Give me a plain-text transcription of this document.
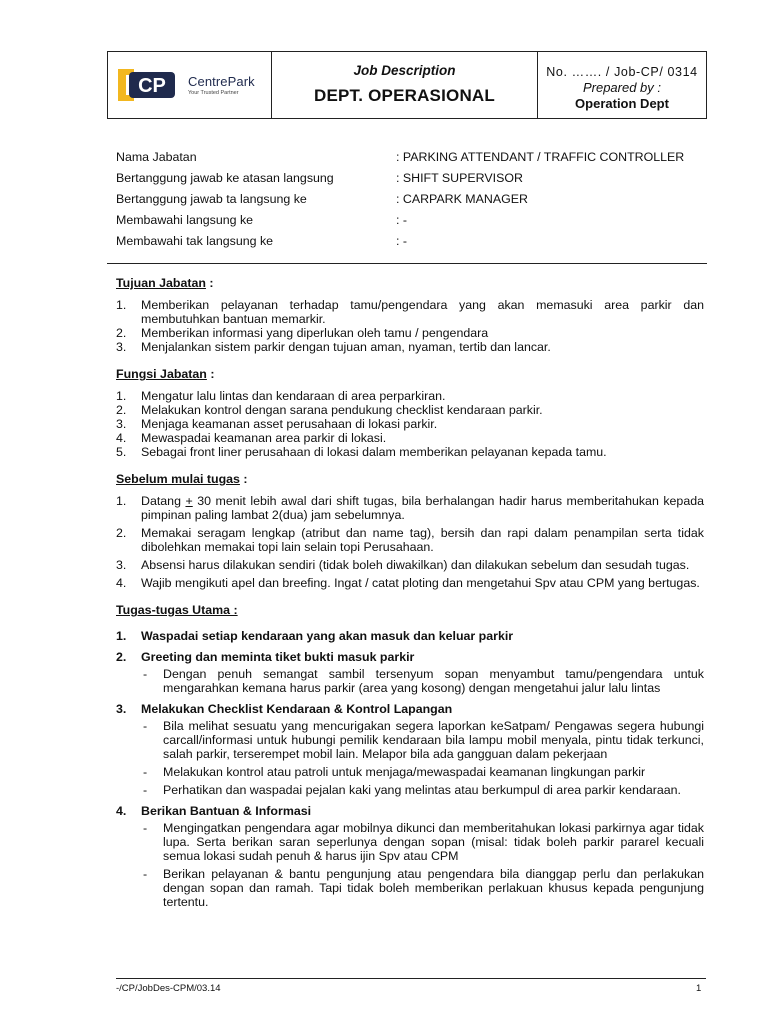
CP CentrePark
Your Trusted Partner
Job Description
DEPT. OPERASIONAL
No. ……. / Job-CP/ 0314
Prepared by :
Operation Dept
Nama Jabatan	: PARKING ATTENDANT / TRAFFIC CONTROLLER
Bertanggung jawab ke atasan langsung	: SHIFT SUPERVISOR
Bertanggung jawab ta langsung ke	: CARPARK MANAGER
Membawahi langsung ke	: -
Membawahi tak langsung ke	: -

Tujuan Jabatan :

1. Memberikan pelayanan terhadap tamu/pengendara yang akan memasuki area parkir dan membutuhkan bantuan memarkir.
2. Memberikan informasi yang diperlukan oleh tamu / pengendara
3. Menjalankan sistem parkir dengan tujuan aman, nyaman, tertib dan lancar.

Fungsi Jabatan :

1. Mengatur lalu lintas dan kendaraan di area perparkiran.
2. Melakukan kontrol dengan sarana pendukung checklist kendaraan parkir.
3. Menjaga keamanan asset perusahaan di lokasi parkir.
4. Mewaspadai keamanan area parkir di lokasi.
5. Sebagai front liner perusahaan di lokasi dalam memberikan pelayanan kepada tamu.

Sebelum mulai tugas :

1. Datang + 30 menit lebih awal dari shift tugas, bila berhalangan hadir harus memberitahukan kepada pimpinan paling lambat 2(dua) jam sebelumnya.
2. Memakai seragam lengkap (atribut dan name tag), bersih dan rapi dalam penampilan serta tidak dibolehkan memakai topi lain selain topi Perusahaan.
3. Absensi harus dilakukan sendiri (tidak boleh diwakilkan) dan dilakukan sebelum dan sesudah tugas.
4. Wajib mengikuti apel dan breefing. Ingat / catat ploting dan mengetahui Spv atau CPM yang bertugas.

Tugas-tugas Utama :

1. Waspadai setiap kendaraan yang akan masuk dan keluar parkir
2. Greeting dan meminta tiket bukti masuk parkir
- Dengan penuh semangat sambil tersenyum sopan menyambut tamu/pengendara untuk mengarahkan kemana harus parkir (area yang kosong) dengan mengetahui jalur lalu lintas
3. Melakukan Checklist Kendaraan & Kontrol Lapangan
- Bila melihat sesuatu yang mencurigakan segera laporkan keSatpam/ Pengawas segera hubungi carcall/informasi untuk hubungi pemilik kendaraan bila lampu mobil menyala, pintu tidak terkunci, salah parkir, terserempet mobil lain. Melapor bila ada gangguan dalam pekerjaan
- Melakukan kontrol atau patroli untuk menjaga/mewaspadai keamanan lingkungan parkir
- Perhatikan dan waspadai pejalan kaki yang melintas atau berkumpul di area parkir kendaraan.
4. Berikan Bantuan & Informasi
- Mengingatkan pengendara agar mobilnya dikunci dan memberitahukan lokasi parkirnya agar tidak lupa. Serta berikan saran seperlunya dengan sopan (misal: tidak boleh parkir pararel kecuali semua lokasi sudah penuh & harus ijin Spv atau CPM
- Berikan pelayanan & bantu pengunjung atau pengendara bila dianggap perlu dan perlakukan dengan sopan dan ramah. Tapi tidak boleh memberikan perlakuan khusus kepada pengunjung tertentu.
-/CP/JobDes-CPM/03.14	1
